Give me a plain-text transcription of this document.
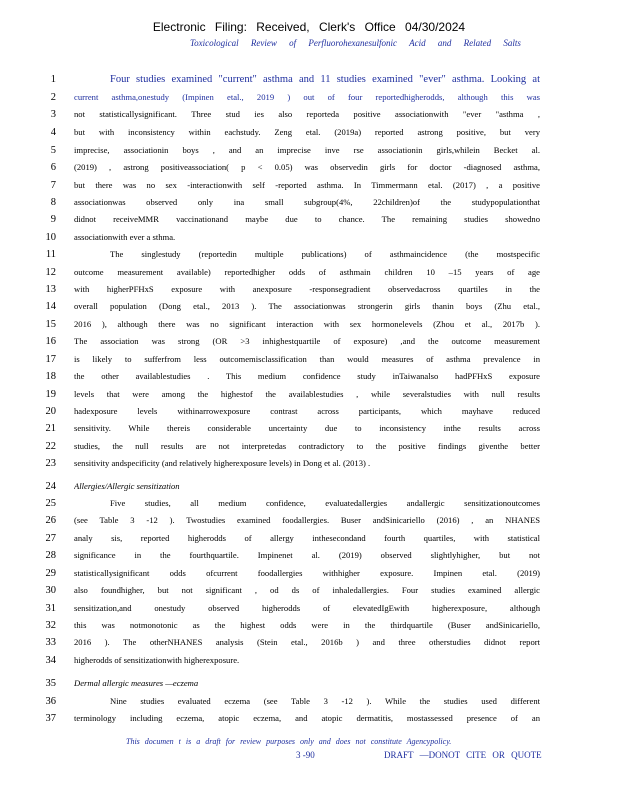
Electronic Filing: Received, Clerk's Office 04/30/2024
Toxicological Review of Perfluorohexanesulfonic Acid and Related Salts
1	Four studies examined "current" asthma and 11 studies examined "ever" asthma. Looking at
2 current asthma,onestudy (Impinen etal., 2019 ) out of four reportedhigherodds, although this was
3 not statisticallysignificant. Three stud ies also reporteda positive associationwith "ever "asthma ,
4 but with inconsistency within eachstudy. Zeng etal. (2019a) reported astrong positive, but very
5 imprecise, associationin boys , and an imprecise inve rse associationin girls,whilein Becket al.
6 (2019) , astrong positiveassociation( p < 0.05) was observedin girls for doctor -diagnosed asthma,
7 but there was no sex -interactionwith self -reported asthma. In Timmermann etal. (2017) , a positive
8 associationwas observed only ina small subgroup(4%, 22children)of the studypopulationthat
9 didnot receiveMMR vaccinationand maybe due to chance. The remaining studies showedno
10 associationwith ever a sthma.
11	The singlestudy (reportedin multiple publications) of asthmaincidence (the mostspecific
12 outcome measurement available) reportedhigher odds of asthmain children 10 –15 years of age
13 with higherPFHxS exposure with anexposure -responsegradient observedacross quartiles in the
14 overall population (Dong etal., 2013 ). The associationwas strongerin girls thanin boys (Zhu etal.,
15 2016 ), although there was no significant interaction with sex hormonelevels (Zhou et al., 2017b ).
16 The association was strong (OR >3 inhighestquartile of exposure) ,and the outcome measurement
17 is likely to sufferfrom less outcomemisclassification than would measures of asthma prevalence in
18 the other availablestudies . This medium confidence study inTaiwanalso hadPFHxS exposure
19 levels that were among the highestof the availablestudies , while severalstudies with null results
20 hadexposure levels withinarrowexposure contrast across participants, which mayhave reduced
21 sensitivity. While thereis considerable uncertainty due to inconsistency inthe results across
22 studies, the null results are not interpretedas contradictory to the positive findings giventhe better
23 sensitivity andspecificity (and relatively higherexposure levels) in Dong et al. (2013) .
24 Allergies/Allergic sensitization
25	Five studies, all medium confidence, evaluatedallergies andallergic sensitizationoutcomes
26 (see Table 3 -12 ). Twostudies examined foodallergies. Buser andSinicariello (2016) , an NHANES
27 analy sis, reported higherodds of allergy inthesecondand fourth quartiles, with statistical
28 significance in the fourthquartile. Impinenet al. (2019) observed slightlyhigher, but not
29 statisticallysignificant odds ofcurrent foodallergies withhigher exposure. Impinen etal. (2019)
30 also foundhigher, but not significant , od ds of inhaledallergies. Four studies examined allergic
31 sensitization,and onestudy observed higherodds of elevatedIgEwith higherexposure, although
32 this was notmonotonic as the highest odds were in the thirdquartile (Buser andSinicariello,
33 2016 ). The otherNHANES analysis (Stein etal., 2016b ) and three otherstudies didnot report
34 higherodds of sensitizationwith higherexposure.
35 Dermal allergic measures —eczema
36	Nine studies evaluated eczema (see Table 3 -12 ). While the studies used different
37 terminology including eczema, atopic eczema, and atopic dermatitis, mostassessed presence of an
This documen t is a draft for review purposes only and does not constitute Agencypolicy.
3 -90	DRAFT —DONOT CITE OR QUOTE
